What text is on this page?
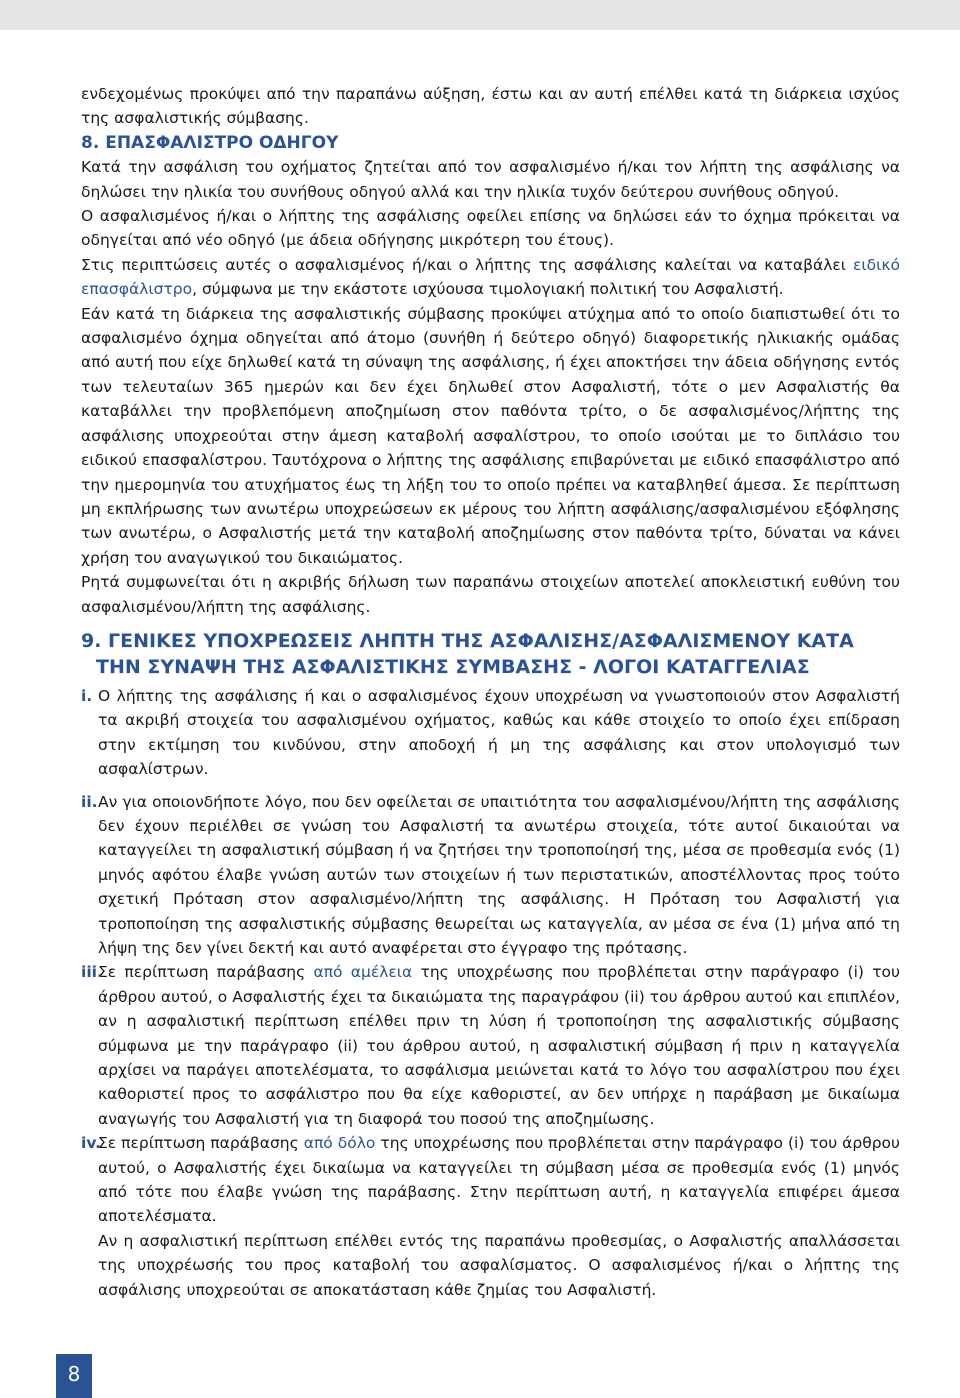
ενδεχομένως προκύψει από την παραπάνω αύξηση, έστω και αν αυτή επέλθει κατά τη διάρκεια ισχύος της ασφαλιστικής σύμβασης.

8. ΕΠΑΣΦΑΛΙΣΤΡΟ ΟΔΗΓΟΥ

Κατά την ασφάλιση του οχήματος ζητείται από τον ασφαλισμένο ή/και τον λήπτη της ασφάλισης να δηλώσει την ηλικία του συνήθους οδηγού αλλά και την ηλικία τυχόν δεύτερου συνήθους οδηγού.

Ο ασφαλισμένος ή/και ο λήπτης της ασφάλισης οφείλει επίσης να δηλώσει εάν το όχημα πρόκειται να οδηγείται από νέο οδηγό (με άδεια οδήγησης μικρότερη του έτους).

Στις περιπτώσεις αυτές ο ασφαλισμένος ή/και ο λήπτης της ασφάλισης καλείται να καταβάλει ειδικό επασφάλιστρο, σύμφωνα με την εκάστοτε ισχύουσα τιμολογιακή πολιτική του Ασφαλιστή.

Εάν κατά τη διάρκεια της ασφαλιστικής σύμβασης προκύψει ατύχημα από το οποίο διαπιστωθεί ότι το ασφαλισμένο όχημα οδηγείται από άτομο (συνήθη ή δεύτερο οδηγό) διαφορετικής ηλικιακής ομάδας από αυτή που είχε δηλωθεί κατά τη σύναψη της ασφάλισης, ή έχει αποκτήσει την άδεια οδήγησης εντός των τελευταίων 365 ημερών και δεν έχει δηλωθεί στον Ασφαλιστή, τότε ο μεν Ασφαλιστής θα καταβάλλει την προβλεπόμενη αποζημίωση στον παθόντα τρίτο, ο δε ασφαλισμένος/λήπτης της ασφάλισης υποχρεούται στην άμεση καταβολή ασφαλίστρου, το οποίο ισούται με το διπλάσιο του ειδικού επασφαλίστρου. Ταυτόχρονα ο λήπτης της ασφάλισης επιβαρύνεται με ειδικό επασφάλιστρο από την ημερομηνία του ατυχήματος έως τη λήξη του το οποίο πρέπει να καταβληθεί άμεσα. Σε περίπτωση μη εκπλήρωσης των ανωτέρω υποχρεώσεων εκ μέρους του λήπτη ασφάλισης/ασφαλισμένου εξόφλησης των ανωτέρω, ο Ασφαλιστής μετά την καταβολή αποζημίωσης στον παθόντα τρίτο, δύναται να κάνει χρήση του αναγωγικού του δικαιώματος.

Ρητά συμφωνείται ότι η ακριβής δήλωση των παραπάνω στοιχείων αποτελεί αποκλειστική ευθύνη του ασφαλισμένου/λήπτη της ασφάλισης.

9. ΓΕΝΙΚΕΣ ΥΠΟΧΡΕΩΣΕΙΣ ΛΗΠΤΗ ΤΗΣ ΑΣΦΑΛΙΣΗΣ/ΑΣΦΑΛΙΣΜΕΝΟΥ ΚΑΤΑ
ΤΗΝ ΣΥΝΑΨΗ ΤΗΣ ΑΣΦΑΛΙΣΤΙΚΗΣ ΣΥΜΒΑΣΗΣ - ΛΟΓΟΙ ΚΑΤΑΓΓΕΛΙΑΣ

i. Ο λήπτης της ασφάλισης ή και ο ασφαλισμένος έχουν υποχρέωση να γνωστοποιούν στον Ασφαλιστή τα ακριβή στοιχεία του ασφαλισμένου οχήματος, καθώς και κάθε στοιχείο το οποίο έχει επίδραση στην εκτίμηση του κινδύνου, στην αποδοχή ή μη της ασφάλισης και στον υπολογισμό των ασφαλίστρων.

ii. Αν για οποιονδήποτε λόγο, που δεν οφείλεται σε υπαιτιότητα του ασφαλισμένου/λήπτη της ασφάλισης δεν έχουν περιέλθει σε γνώση του Ασφαλιστή τα ανωτέρω στοιχεία, τότε αυτοί δικαιούται να καταγγείλει τη ασφαλιστική σύμβαση ή να ζητήσει την τροποποίησή της, μέσα σε προθεσμία ενός (1) μηνός αφότου έλαβε γνώση αυτών των στοιχείων ή των περιστατικών, αποστέλλοντας προς τούτο σχετική Πρόταση στον ασφαλισμένο/λήπτη της ασφάλισης. Η Πρόταση του Ασφαλιστή για τροποποίηση της ασφαλιστικής σύμβασης θεωρείται ως καταγγελία, αν μέσα σε ένα (1) μήνα από τη λήψη της δεν γίνει δεκτή και αυτό αναφέρεται στο έγγραφο της πρότασης.

iii.
Σε περίπτωση παράβασης από αμέλεια της υποχρέωσης που προβλέπεται στην παράγραφο (i) του άρθρου αυτού, ο Ασφαλιστής έχει τα δικαιώματα της παραγράφου (ii) του άρθρου αυτού και επιπλέον, αν η ασφαλιστική περίπτωση επέλθει πριν τη λύση ή τροποποίηση της ασφαλιστικής σύμβασης σύμφωνα με την παράγραφο (ii) του άρθρου αυτού, η ασφαλιστική σύμβαση ή πριν η καταγγελία αρχίσει να παράγει αποτελέσματα, το ασφάλισμα μειώνεται κατά το λόγο του ασφαλίστρου που έχει καθοριστεί προς το ασφάλιστρο που θα είχε καθοριστεί, αν δεν υπήρχε η παράβαση με δικαίωμα αναγωγής του Ασφαλιστή για τη διαφορά του ποσού της αποζημίωσης.

iv.
Σε περίπτωση παράβασης από δόλο της υποχρέωσης που προβλέπεται στην παράγραφο (i) του άρθρου αυτού, ο Ασφαλιστής έχει δικαίωμα να καταγγείλει τη σύμβαση μέσα σε προθεσμία ενός (1) μηνός από τότε που έλαβε γνώση της παράβασης. Στην περίπτωση αυτή, η καταγγελία επιφέρει άμεσα αποτελέσματα.

Αν η ασφαλιστική περίπτωση επέλθει εντός της παραπάνω προθεσμίας, ο Ασφαλιστής απαλλάσσεται της υποχρέωσής του προς καταβολή του ασφαλίσματος. Ο ασφαλισμένος ή/και ο λήπτης της ασφάλισης υποχρεούται σε αποκατάσταση κάθε ζημίας του Ασφαλιστή.

8
